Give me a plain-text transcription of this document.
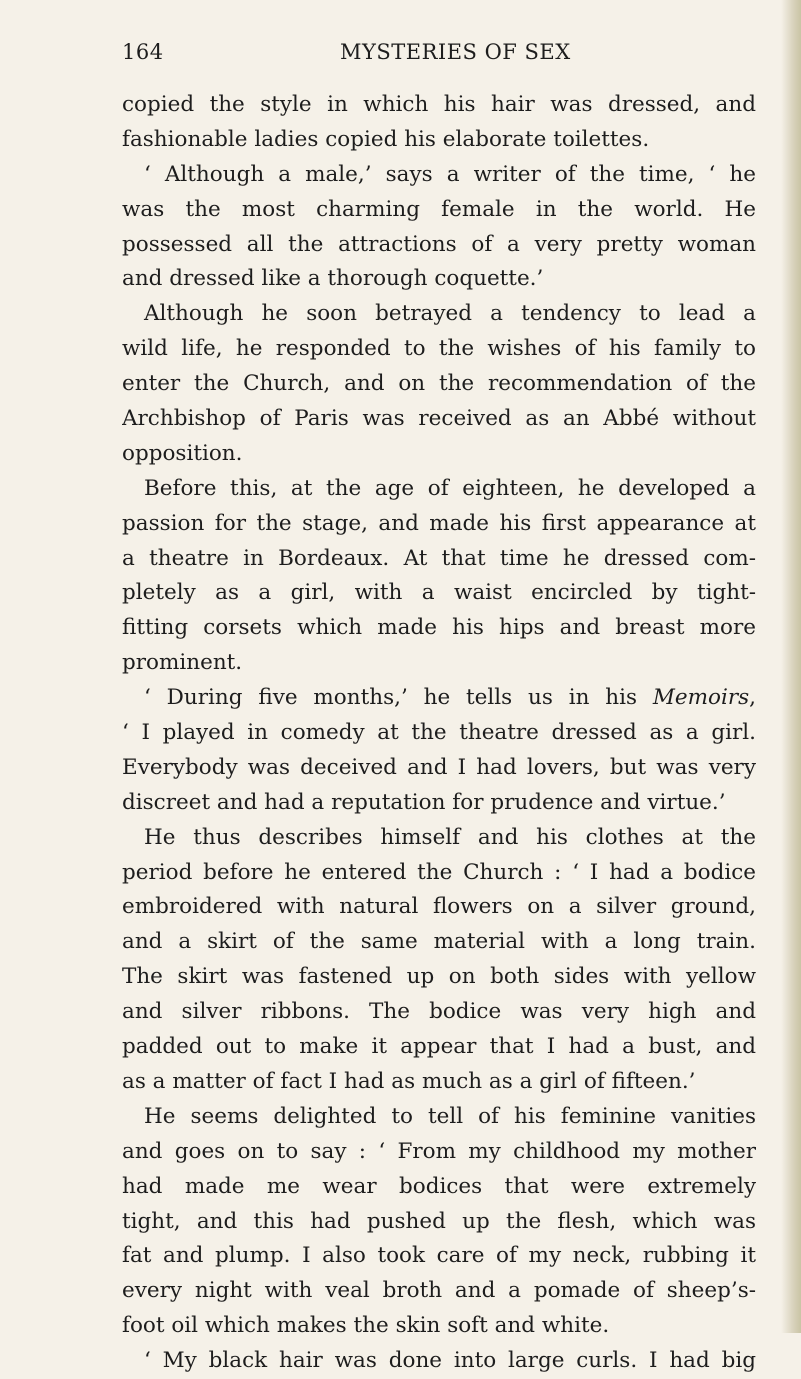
164	MYSTERIES OF SEX
copied the style in which his hair was dressed, and
fashionable ladies copied his elaborate toilettes.
‘ Although a male,’ says a writer of the time, ‘ he
was the most charming female in the world. He
possessed all the attractions of a very pretty woman
and dressed like a thorough coquette.’
Although he soon betrayed a tendency to lead a
wild life, he responded to the wishes of his family to
enter the Church, and on the recommendation of the
Archbishop of Paris was received as an Abbé without
opposition.
Before this, at the age of eighteen, he developed a
passion for the stage, and made his first appearance at
a theatre in Bordeaux. At that time he dressed com-
pletely as a girl, with a waist encircled by tight-
fitting corsets which made his hips and breast more
prominent.
‘ During five months,’ he tells us in his Memoirs,
‘ I played in comedy at the theatre dressed as a girl.
Everybody was deceived and I had lovers, but was very
discreet and had a reputation for prudence and virtue.’
He thus describes himself and his clothes at the
period before he entered the Church : ‘ I had a bodice
embroidered with natural flowers on a silver ground,
and a skirt of the same material with a long train.
The skirt was fastened up on both sides with yellow
and silver ribbons. The bodice was very high and
padded out to make it appear that I had a bust, and
as a matter of fact I had as much as a girl of fifteen.’
He seems delighted to tell of his feminine vanities
and goes on to say : ‘ From my childhood my mother
had made me wear bodices that were extremely
tight, and this had pushed up the flesh, which was
fat and plump. I also took care of my neck, rubbing it
every night with veal broth and a pomade of sheep’s-
foot oil which makes the skin soft and white.
‘ My black hair was done into large curls. I had big
